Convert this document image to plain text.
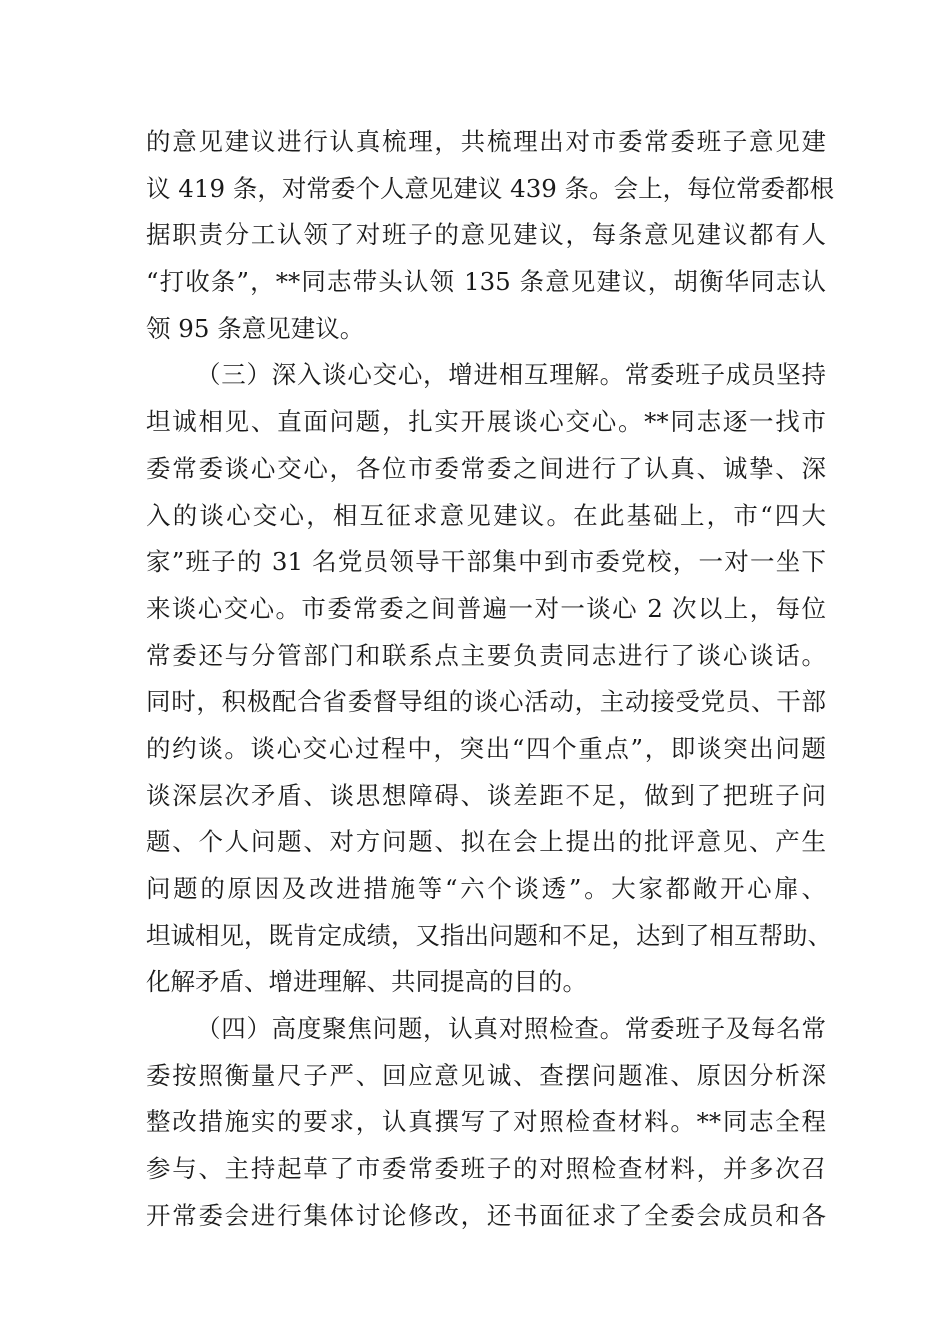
的意见建议进行认真梳理，共梳理出对市委常委班子意见建
议 419 条，对常委个人意见建议 439 条。会上，每位常委都根
据职责分工认领了对班子的意见建议，每条意见建议都有人
“打收条”，**同志带头认领 135 条意见建议，胡衡华同志认
领 95 条意见建议。
（三）深入谈心交心，增进相互理解。常委班子成员坚持
坦诚相见、直面问题，扎实开展谈心交心。**同志逐一找市
委常委谈心交心，各位市委常委之间进行了认真、诚挚、深
入的谈心交心，相互征求意见建议。在此基础上，市“四大
家”班子的 31 名党员领导干部集中到市委党校，一对一坐下
来谈心交心。市委常委之间普遍一对一谈心 2 次以上，每位
常委还与分管部门和联系点主要负责同志进行了谈心谈话。
同时，积极配合省委督导组的谈心活动，主动接受党员、干部
的约谈。谈心交心过程中，突出“四个重点”，即谈突出问题
谈深层次矛盾、谈思想障碍、谈差距不足，做到了把班子问
题、个人问题、对方问题、拟在会上提出的批评意见、产生
问题的原因及改进措施等“六个谈透”。大家都敞开心扉、
坦诚相见，既肯定成绩，又指出问题和不足，达到了相互帮助、
化解矛盾、增进理解、共同提高的目的。
（四）高度聚焦问题，认真对照检查。常委班子及每名常
委按照衡量尺子严、回应意见诚、查摆问题准、原因分析深
整改措施实的要求，认真撰写了对照检查材料。**同志全程
参与、主持起草了市委常委班子的对照检查材料，并多次召
开常委会进行集体讨论修改，还书面征求了全委会成员和各
